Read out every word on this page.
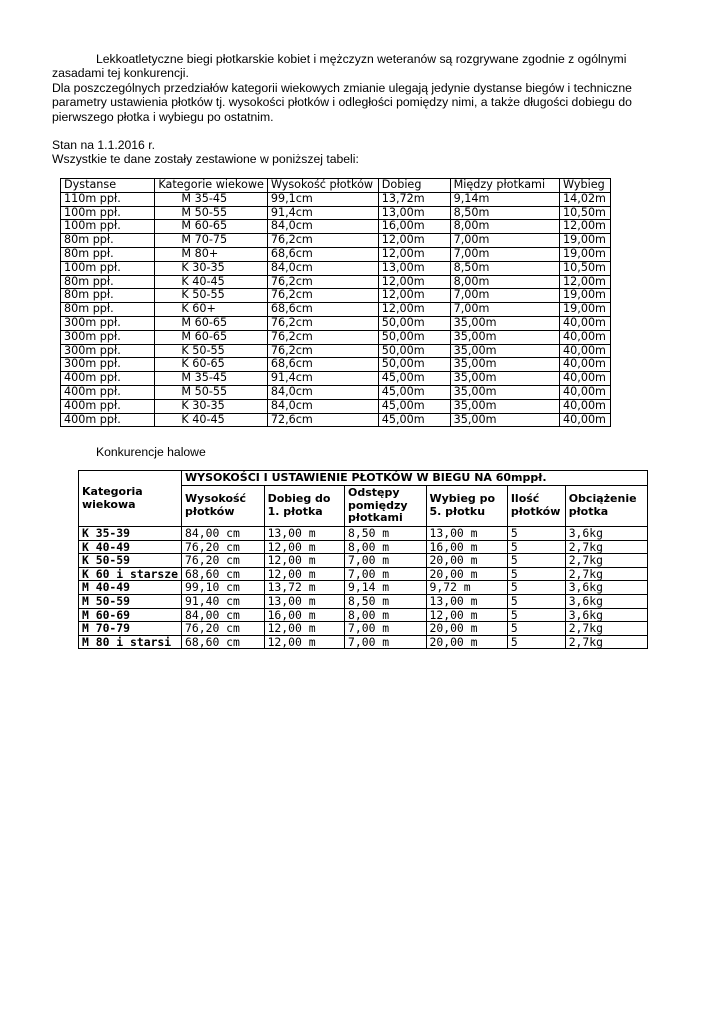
Lekkoatletyczne biegi płotkarskie kobiet i mężczyzn weteranów są rozgrywane zgodnie z ogólnymi zasadami tej konkurencji.

Dla poszczególnych przedziałów kategorii wiekowych zmianie ulegają jedynie dystanse biegów i techniczne parametry ustawienia płotków tj. wysokości płotków i odległości pomiędzy nimi, a także długości dobiegu do pierwszego płotka i wybiegu po ostatnim.

Stan na 1.1.2016 r.

Wszystkie te dane zostały zestawione w poniższej tabeli:

Dystanse	Kategorie wiekowe	Wysokość płotków	Dobieg	Między płotkami	Wybieg
110m ppł.	M 35-45	99,1cm	13,72m	9,14m	14,02m
100m ppł.	M 50-55	91,4cm	13,00m	8,50m	10,50m
100m ppł.	M 60-65	84,0cm	16,00m	8,00m	12,00m
80m ppł.	M 70-75	76,2cm	12,00m	7,00m	19,00m
80m ppł.	M 80+	68,6cm	12,00m	7,00m	19,00m
100m ppł.	K 30-35	84,0cm	13,00m	8,50m	10,50m
80m ppł.	K 40-45	76,2cm	12,00m	8,00m	12,00m
80m ppł.	K 50-55	76,2cm	12,00m	7,00m	19,00m
80m ppł.	K 60+	68,6cm	12,00m	7,00m	19,00m
300m ppł.	M 60-65	76,2cm	50,00m	35,00m	40,00m
300m ppł.	M 60-65	76,2cm	50,00m	35,00m	40,00m
300m ppł.	K 50-55	76,2cm	50,00m	35,00m	40,00m
300m ppł.	K 60-65	68,6cm	50,00m	35,00m	40,00m
400m ppł.	M 35-45	91,4cm	45,00m	35,00m	40,00m
400m ppł.	M 50-55	84,0cm	45,00m	35,00m	40,00m
400m ppł.	K 30-35	84,0cm	45,00m	35,00m	40,00m
400m ppł.	K 40-45	72,6cm	45,00m	35,00m	40,00m
Konkurencje halowe
Kategoria wiekowa	WYSOKOŚCI I USTAWIENIE PŁOTKÓW W BIEGU NA 60mppł.					
	Wysokość płotków	Dobieg do 1. płotka	Odstępy pomiędzy płotkami	Wybieg po 5. płotku	Ilość płotków	Obciążenie płotka
K 35-39	84,00 cm	13,00 m	8,50 m	13,00 m	5	3,6kg
K 40-49	76,20 cm	12,00 m	8,00 m	16,00 m	5	2,7kg
K 50-59	76,20 cm	12,00 m	7,00 m	20,00 m	5	2,7kg
K 60 i starsze	68,60 cm	12,00 m	7,00 m	20,00 m	5	2,7kg
M 40-49	99,10 cm	13,72 m	9,14 m	9,72 m	5	3,6kg
M 50-59	91,40 cm	13,00 m	8,50 m	13,00 m	5	3,6kg
M 60-69	84,00 cm	16,00 m	8,00 m	12,00 m	5	3,6kg
M 70-79	76,20 cm	12,00 m	7,00 m	20,00 m	5	2,7kg
M 80 i starsi	68,60 cm	12,00 m	7,00 m	20,00 m	5	2,7kg
